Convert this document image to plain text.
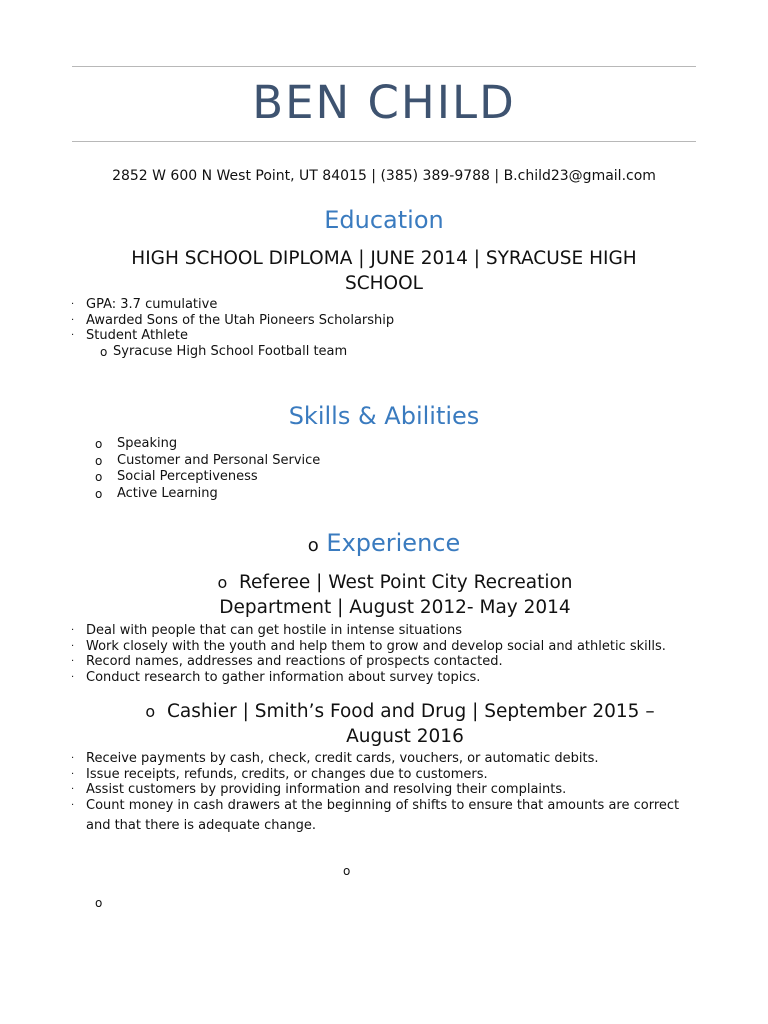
BEN CHILD
2852 W 600 N West Point, UT 84015 | (385) 389-9788 | B.child23@gmail.com
Education
HIGH SCHOOL DIPLOMA | JUNE 2014 | SYRACUSE HIGH
SCHOOL
· GPA: 3.7 cumulative
· Awarded Sons of the Utah Pioneers Scholarship
· Student Athlete
o Syracuse High School Football team
Skills & Abilities
o	Speaking
o	Customer and Personal Service
o	Social Perceptiveness
o	Active Learning
o Experience
o Referee | West Point City Recreation
Department | August 2012- May 2014
· Deal with people that can get hostile in intense situations
· Work closely with the youth and help them to grow and develop social and athletic skills.
· Record names, addresses and reactions of prospects contacted.
· Conduct research to gather information about survey topics.
o Cashier | Smith’s Food and Drug | September 2015 –
August 2016
· Receive payments by cash, check, credit cards, vouchers, or automatic debits.
· Issue receipts, refunds, credits, or changes due to customers.
· Assist customers by providing information and resolving their complaints.
· Count money in cash drawers at the beginning of shifts to ensure that amounts are correct
and that there is adequate change.
o
o
